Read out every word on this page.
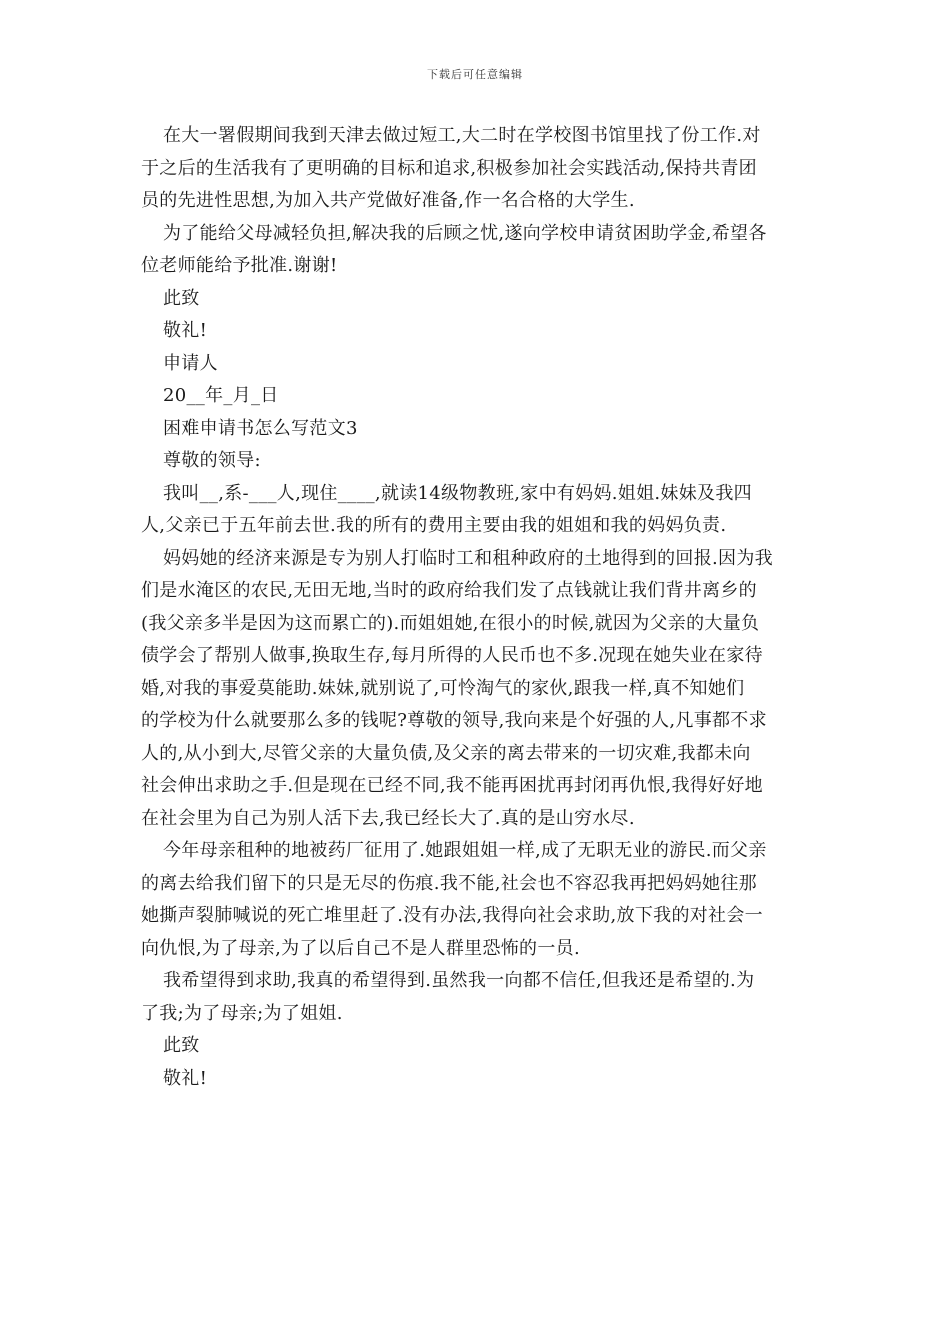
下载后可任意编辑
在大一署假期间我到天津去做过短工,大二时在学校图书馆里找了份工作.对
于之后的生活我有了更明确的目标和追求,积极参加社会实践活动,保持共青团
员的先进性思想,为加入共产党做好准备,作一名合格的大学生.
为了能给父母减轻负担,解决我的后顾之忧,遂向学校申请贫困助学金,希望各
位老师能给予批准.谢谢!
此致
敬礼!
申请人
20__年_月_日
困难申请书怎么写范文3
尊敬的领导:
我叫__,系-___人,现住____,就读14级物教班,家中有妈妈.姐姐.妹妹及我四
人,父亲已于五年前去世.我的所有的费用主要由我的姐姐和我的妈妈负责.
妈妈她的经济来源是专为别人打临时工和租种政府的土地得到的回报.因为我
们是水淹区的农民,无田无地,当时的政府给我们发了点钱就让我们背井离乡的
(我父亲多半是因为这而累亡的).而姐姐她,在很小的时候,就因为父亲的大量负
债学会了帮别人做事,换取生存,每月所得的人民币也不多.况现在她失业在家待
婚,对我的事爱莫能助.妹妹,就别说了,可怜淘气的家伙,跟我一样,真不知她们
的学校为什么就要那么多的钱呢?尊敬的领导,我向来是个好强的人,凡事都不求
人的,从小到大,尽管父亲的大量负债,及父亲的离去带来的一切灾难,我都未向
社会伸出求助之手.但是现在已经不同,我不能再困扰再封闭再仇恨,我得好好地
在社会里为自己为别人活下去,我已经长大了.真的是山穷水尽.
今年母亲租种的地被药厂征用了.她跟姐姐一样,成了无职无业的游民.而父亲
的离去给我们留下的只是无尽的伤痕.我不能,社会也不容忍我再把妈妈她往那
她撕声裂肺喊说的死亡堆里赶了.没有办法,我得向社会求助,放下我的对社会一
向仇恨,为了母亲,为了以后自己不是人群里恐怖的一员.
我希望得到求助,我真的希望得到.虽然我一向都不信任,但我还是希望的.为
了我;为了母亲;为了姐姐.
此致
敬礼!
